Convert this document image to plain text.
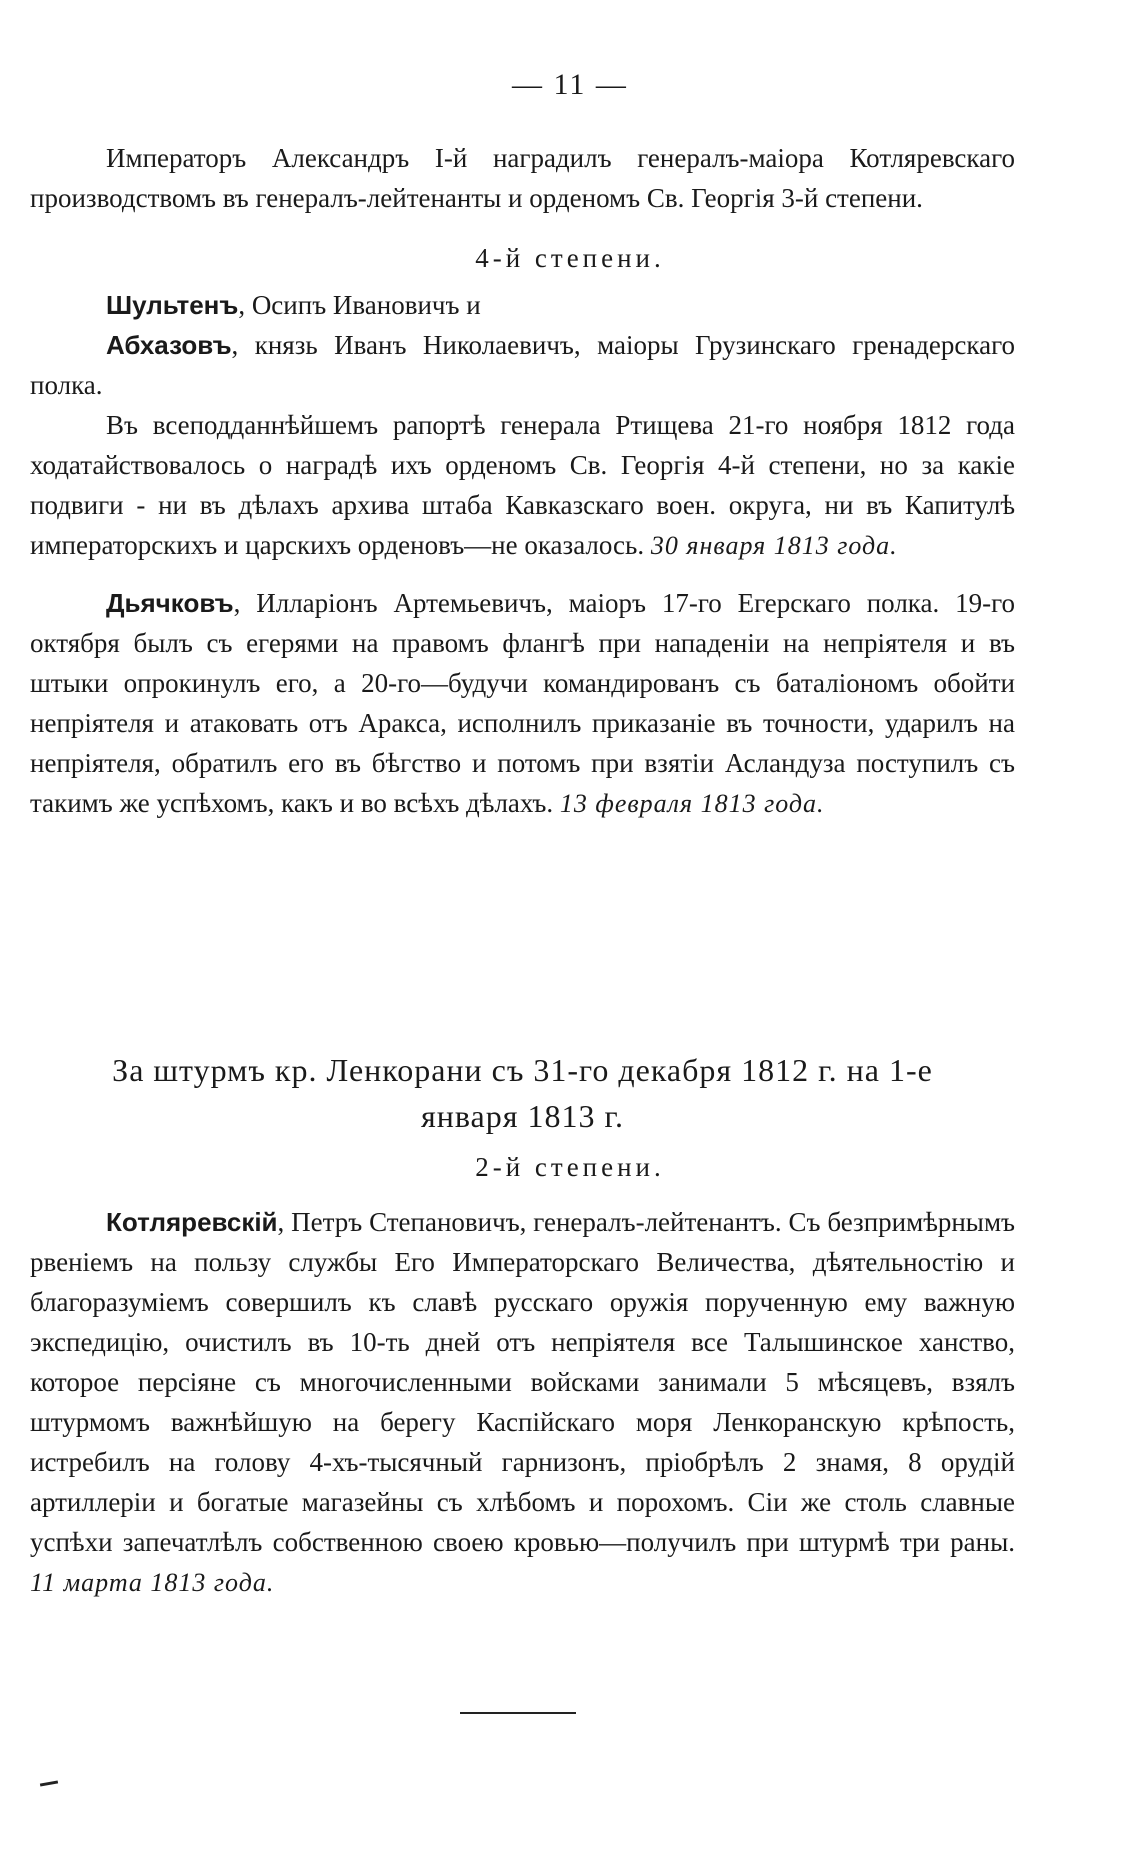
— 11 —

Императоръ Александръ I-й наградилъ генералъ-маіора Котляревскаго производствомъ въ генералъ-лейтенанты и орденомъ Св. Георгія 3-й степени.

4-й степени.

Шультенъ, Осипъ Ивановичъ и

Абхазовъ, князь Иванъ Николаевичъ, маіоры Грузинскаго гренадерскаго полка.

Въ всеподданнѣйшемъ рапортѣ генерала Ртищева 21-го ноября 1812 года ходатайствовалось о наградѣ ихъ орденомъ Св. Георгія 4-й степени, но за какіе подвиги - ни въ дѣлахъ архива штаба Кавказскаго воен. округа, ни въ Капитулѣ императорскихъ и царскихъ орденовъ—не оказалось. 30 января 1813 года.

Дьячковъ, Илларіонъ Артемьевичъ, маіоръ 17-го Егерскаго полка. 19-го октября былъ съ егерями на правомъ флангѣ при нападеніи на непріятеля и въ штыки опрокинулъ его, а 20-го—будучи командированъ съ баталіономъ обойти непріятеля и атаковать отъ Аракса, исполнилъ приказаніе въ точности, ударилъ на непріятеля, обратилъ его въ бѣгство и потомъ при взятіи Асландуза поступилъ съ такимъ же успѣхомъ, какъ и во всѣхъ дѣлахъ. 13 февраля 1813 года.

За штурмъ кр. Ленкорани съ 31-го декабря 1812 г. на 1-е
января 1813 г.
2-й степени.

Котляревскій, Петръ Степановичъ, генералъ-лейтенантъ. Съ безпримѣрнымъ рвеніемъ на пользу службы Его Императорскаго Величества, дѣятельностію и благоразуміемъ совершилъ къ славѣ русскаго оружія порученную ему важную экспедицію, очистилъ въ 10-ть дней отъ непріятеля все Талышинское ханство, которое персіяне съ многочисленными войсками занимали 5 мѣсяцевъ, взялъ штурмомъ важнѣйшую на берегу Каспійскаго моря Ленкоранскую крѣпость, истребилъ на голову 4-хъ-тысячный гарнизонъ, пріобрѣлъ 2 знамя, 8 орудій артиллеріи и богатые магазейны съ хлѣбомъ и порохомъ. Сіи же столь славные успѣхи запечатлѣлъ собственною своею кровью—получилъ при штурмѣ три раны. 11 марта 1813 года.
